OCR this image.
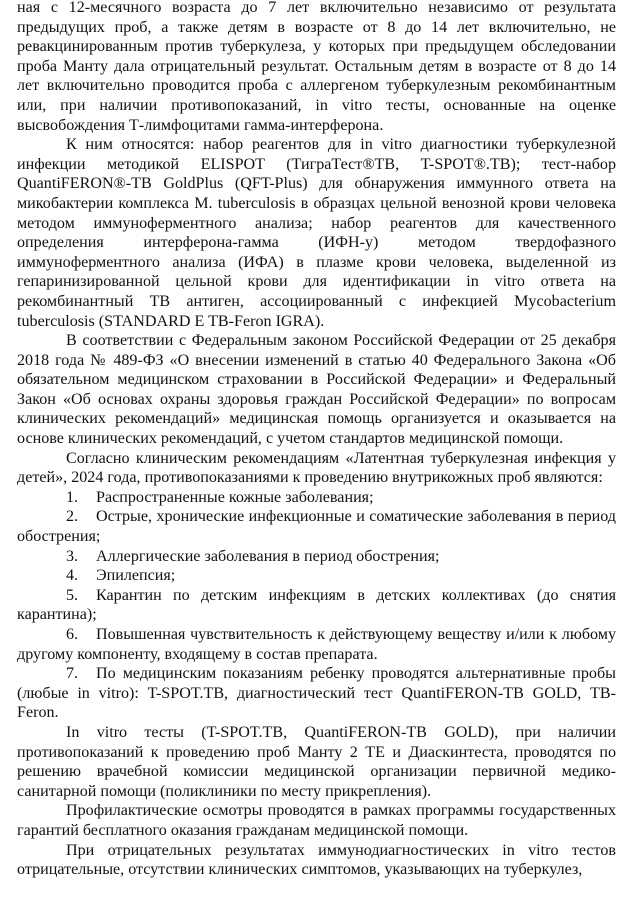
ная с 12-месячного возраста до 7 лет включительно независимо от результата предыдущих проб, а также детям в возрасте от 8 до 14 лет включительно, не ревакцинированным против туберкулеза, у которых при предыдущем обследовании проба Манту дала отрицательный результат. Остальным детям в возрасте от 8 до 14 лет включительно проводится проба с аллергеном туберкулезным рекомбинантным или, при наличии противопоказаний, in vitro тесты, основанные на оценке высвобождения Т-лимфоцитами гамма-интерферона.

К ним относятся: набор реагентов для in vitro диагностики туберкулезной инфекции методикой ELISPOT (ТиграТест®ТВ, T-SPOT®.TB); тест-набор QuantiFERON®-TB GoldPlus (QFT-Plus) для обнаружения иммунного ответа на микобактерии комплекса M. tuberculosis в образцах цельной венозной крови человека методом иммуноферментного анализа; набор реагентов для качественного определения интерферона-гамма (ИФН-у) методом твердофазного иммуноферментного анализа (ИФА) в плазме крови человека, выделенной из гепаринизированной цельной крови для идентификации in vitro ответа на рекомбинантный ТВ антиген, ассоциированный с инфекцией Mycobacterium tuberculosis (STANDARD E TB-Feron IGRA).

В соответствии с Федеральным законом Российской Федерации от 25 декабря 2018 года № 489-ФЗ «О внесении изменений в статью 40 Федерального Закона «Об обязательном медицинском страховании в Российской Федерации» и Федеральный Закон «Об основах охраны здоровья граждан Российской Федерации» по вопросам клинических рекомендаций» медицинская помощь организуется и оказывается на основе клинических рекомендаций, с учетом стандартов медицинской помощи.

Согласно клиническим рекомендациям «Латентная туберкулезная инфекция у детей», 2024 года, противопоказаниями к проведению внутрикожных проб являются:

1. Распространенные кожные заболевания;

2. Острые, хронические инфекционные и соматические заболевания в период обострения;

3. Аллергические заболевания в период обострения;

4. Эпилепсия;

5. Карантин по детским инфекциям в детских коллективах (до снятия карантина);

6. Повышенная чувствительность к действующему веществу и/или к любому другому компоненту, входящему в состав препарата.

7. По медицинским показаниям ребенку проводятся альтернативные пробы (любые in vitro): T-SPOT.TB, диагностический тест QuantiFERON-TB GOLD, ТВ-Feron.

In vitro тесты (T-SPOT.TB, QuantiFERON-TB GOLD), при наличии противопоказаний к проведению проб Манту 2 ТЕ и Диаскинтеста, проводятся по решению врачебной комиссии медицинской организации первичной медико-санитарной помощи (поликлиники по месту прикрепления).

Профилактические осмотры проводятся в рамках программы государственных гарантий бесплатного оказания гражданам медицинской помощи.

При отрицательных результатах иммунодиагностических in vitro тестов отрицательные, отсутствии клинических симптомов, указывающих на туберкулез,
